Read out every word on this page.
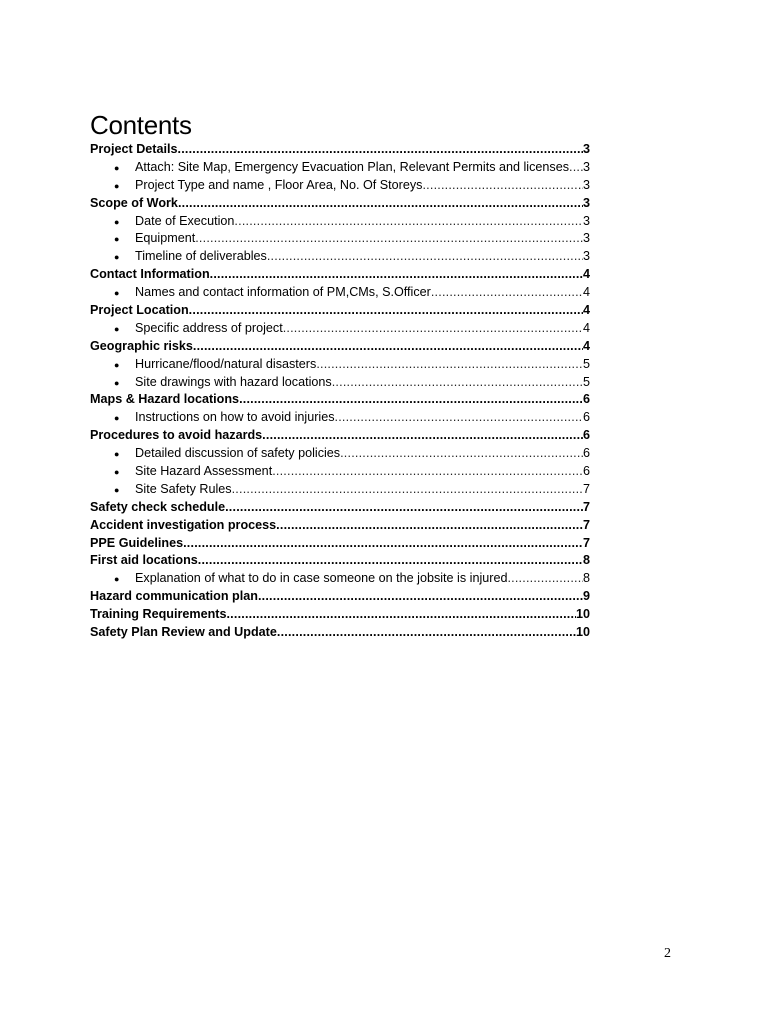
Contents
Project Details .....	3
●	Attach: Site Map, Emergency Evacuation Plan, Relevant Permits and licenses ..... 3
●	Project Type and name , Floor Area, No. Of Storeys .....	3
Scope of Work .....	3
●	Date of Execution .....	3
●	Equipment .....	3
●	Timeline of deliverables .....	3
Contact Information .....	4
●	Names and contact information of PM,CMs, S.Officer .....	4
Project Location .....	4
●	Specific address of project .....	4
Geographic risks .....	4
●	Hurricane/flood/natural disasters .....	5
●	Site drawings with hazard locations .....	5
Maps & Hazard locations .....	6
●	Instructions on how to avoid injuries .....	6
Procedures to avoid hazards .....	6
●	Detailed discussion of safety policies .....	6
●	Site Hazard Assessment .....	6
●	Site Safety Rules .....	7
Safety check schedule .....	7
Accident investigation process .....	7
PPE Guidelines .....	7
First aid locations .....	8
●	Explanation of what to do in case someone on the jobsite is injured .....	8
Hazard communication plan .....	9
Training Requirements .....	10
Safety Plan Review and Update .....	10
2
